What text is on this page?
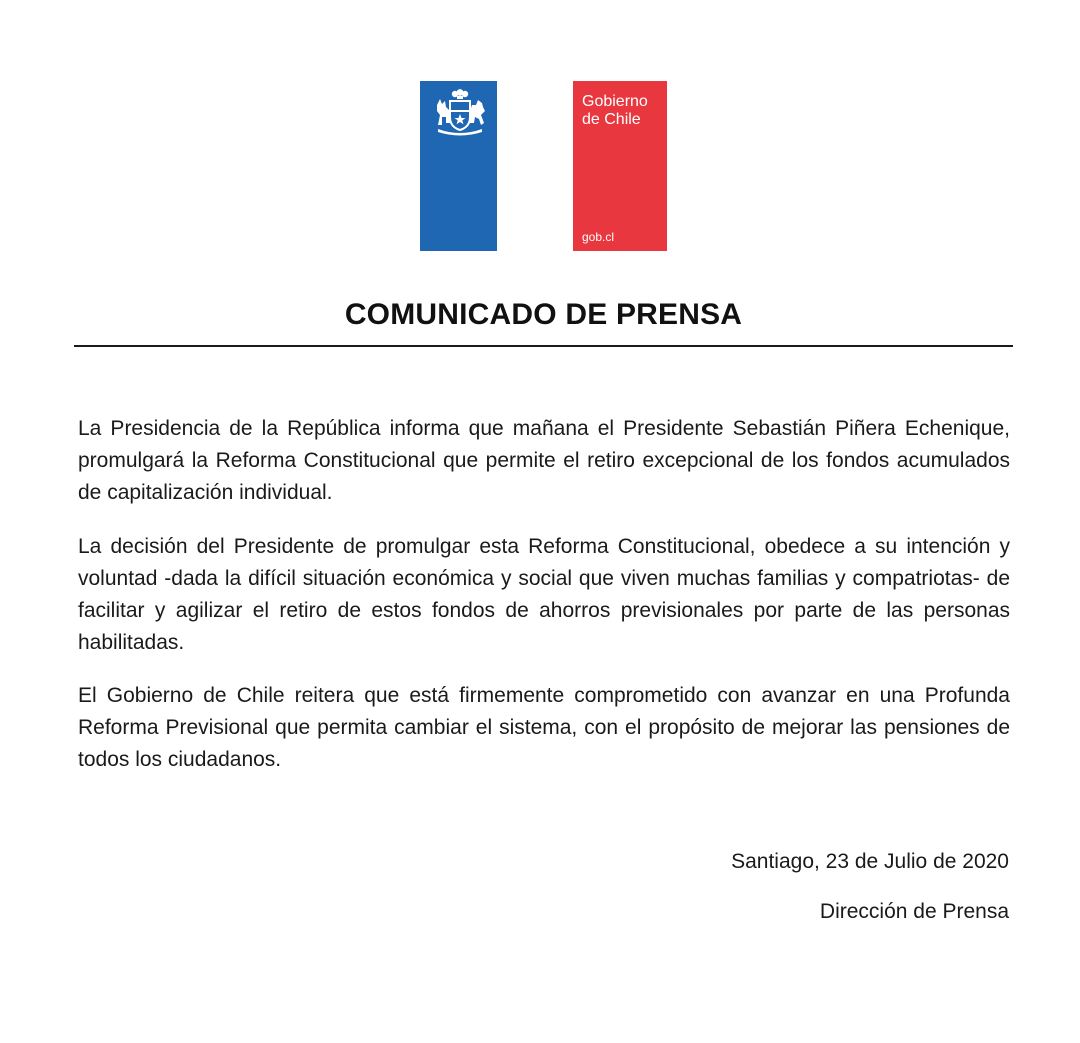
Gobierno
de Chile
gob.cl
COMUNICADO DE PRENSA

La Presidencia de la República informa que mañana el Presidente Sebastián Piñera Echenique, promulgará la Reforma Constitucional que permite el retiro excepcional de los fondos acumulados de capitalización individual.

La decisión del Presidente de promulgar esta Reforma Constitucional, obedece a su intención y voluntad -dada la difícil situación económica y social que viven muchas familias y compatriotas- de facilitar y agilizar el retiro de estos fondos de ahorros previsionales por parte de las personas habilitadas.

El Gobierno de Chile reitera que está firmemente comprometido con avanzar en una Profunda Reforma Previsional que permita cambiar el sistema, con el propósito de mejorar las pensiones de todos los ciudadanos.

Santiago, 23 de Julio de 2020
Dirección de Prensa
